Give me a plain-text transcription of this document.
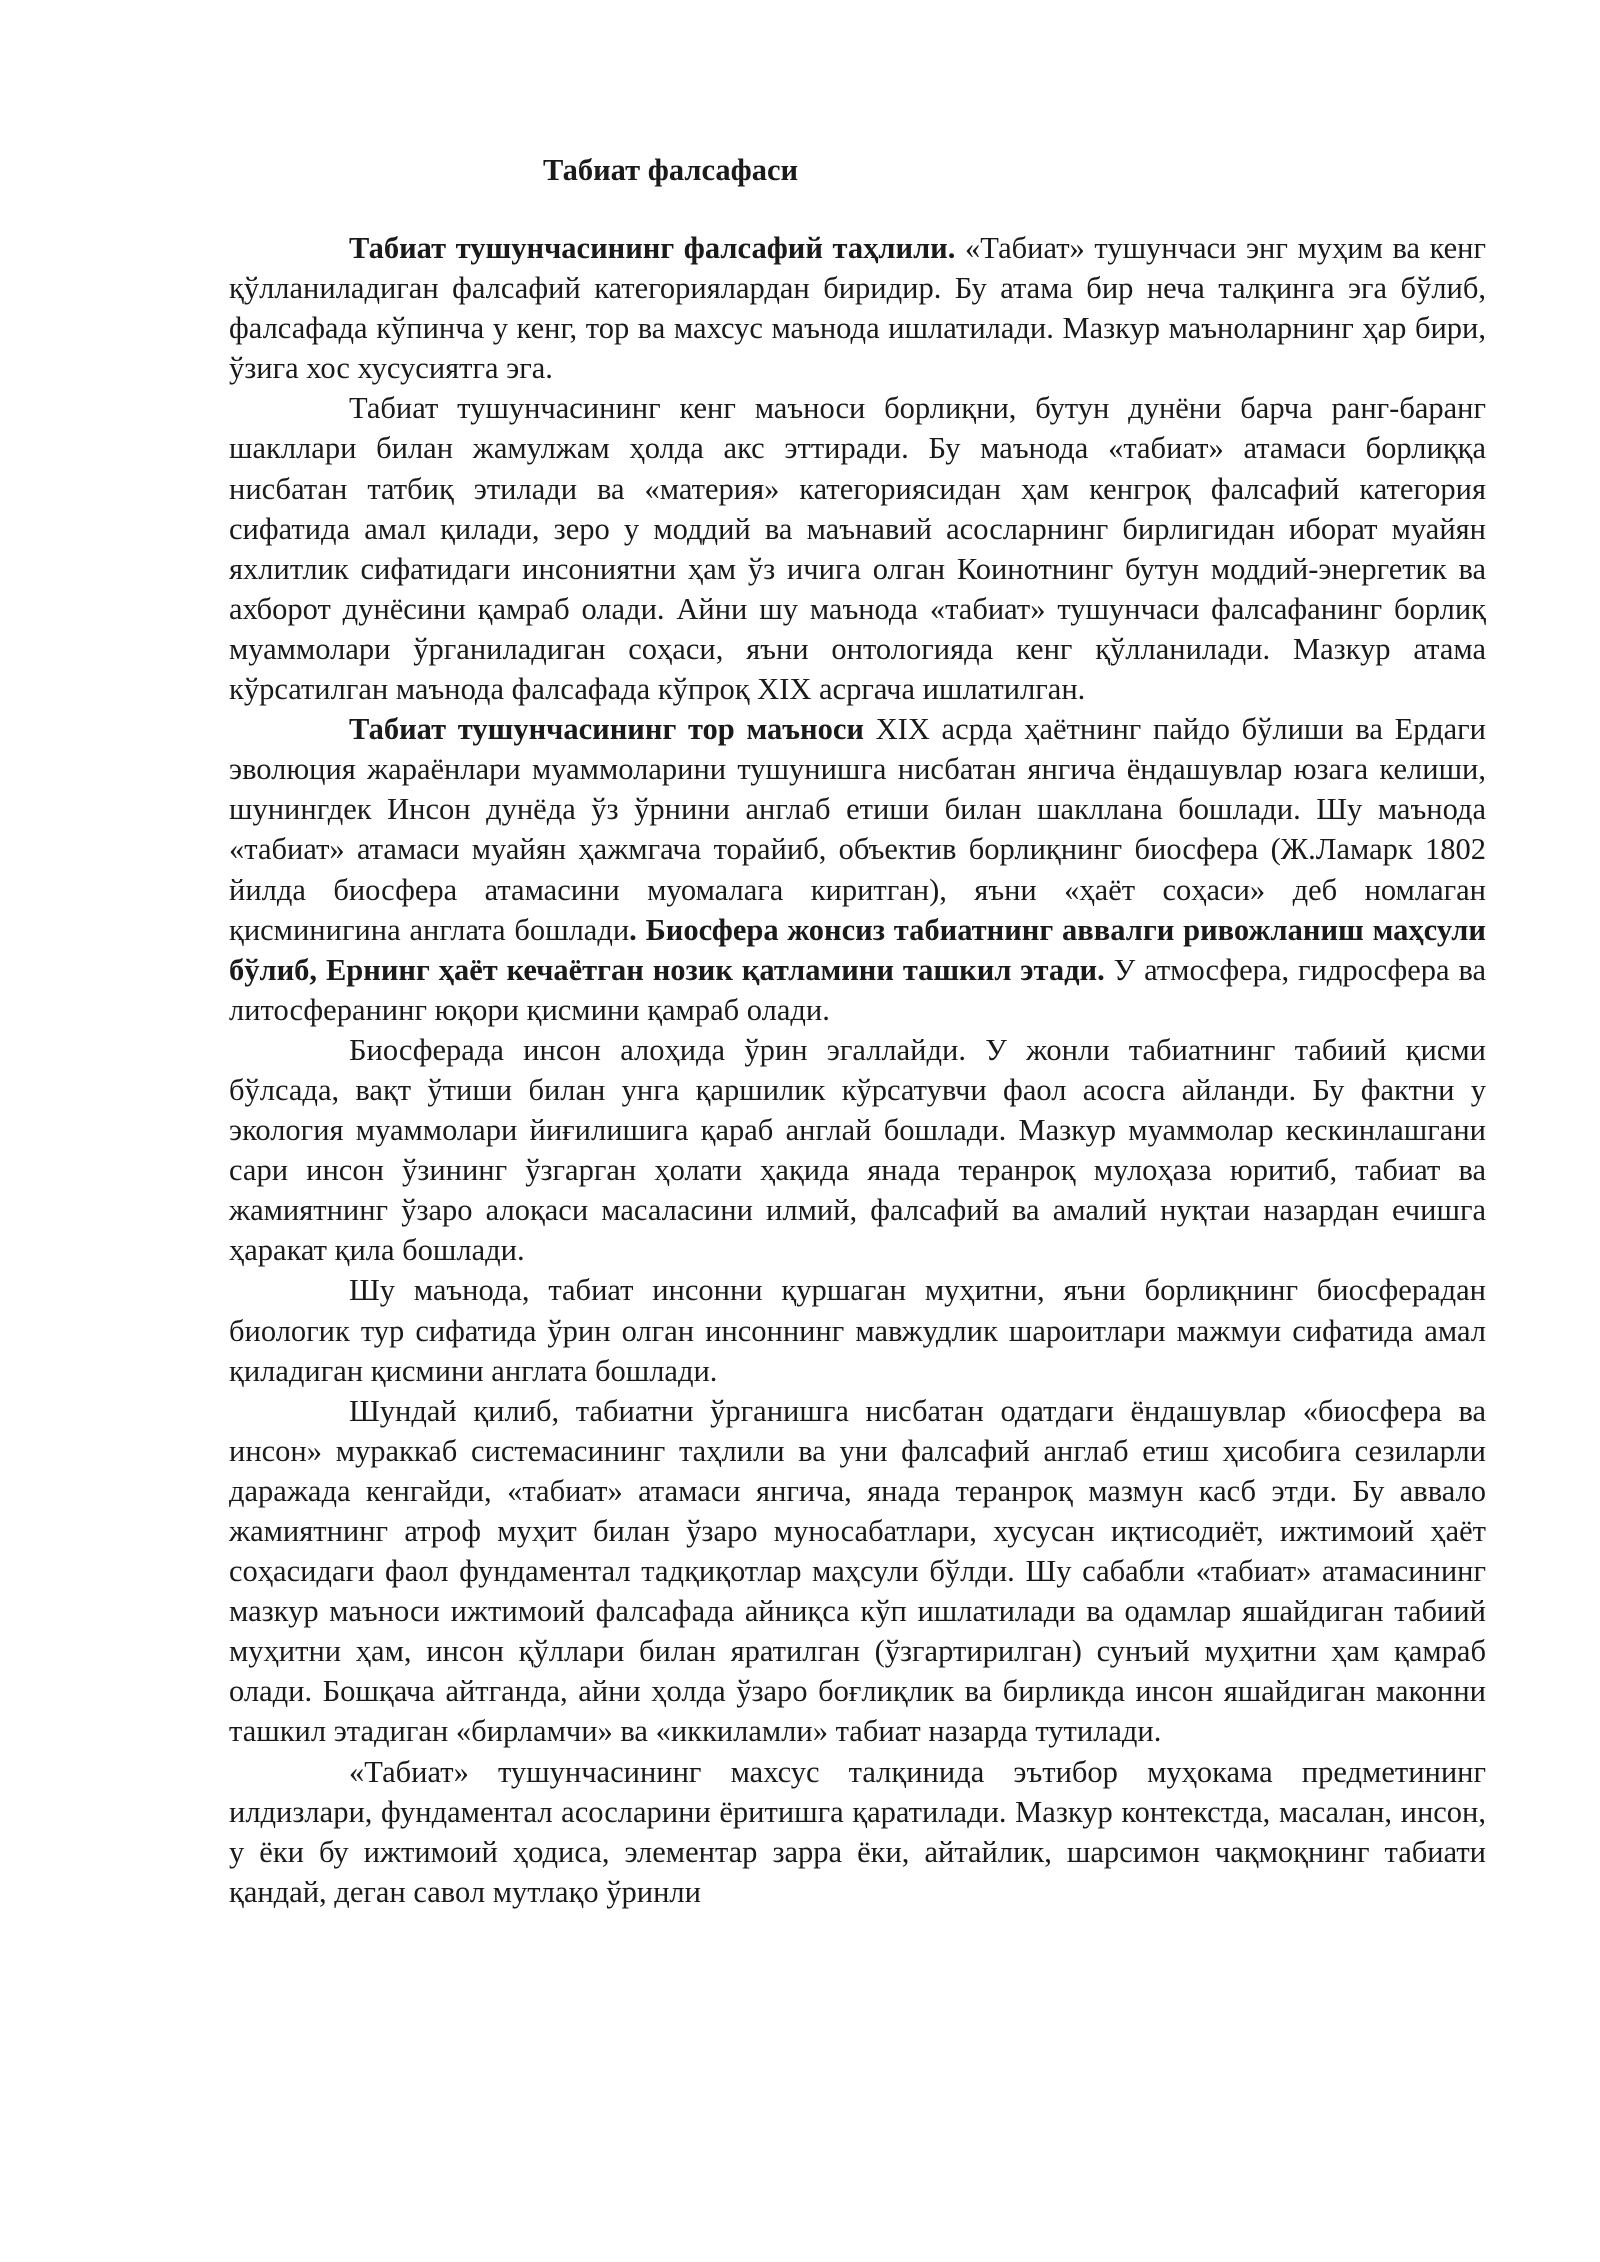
Табиат фалсафаси

Табиат тушунчасининг фалсафий таҳлили. «Табиат» тушунчаси энг муҳим ва кенг қўлланиладиган фалсафий категориялардан биридир. Бу атама бир неча талқинга эга бўлиб, фалсафада кўпинча у кенг, тор ва махсус маънода ишлатилади. Мазкур маъноларнинг ҳар бири, ўзига хос хусусиятга эга.

Табиат тушунчасининг кенг маъноси борлиқни, бутун дунёни барча ранг-баранг шакллари билан жамулжам ҳолда акс эттиради. Бу маънода «табиат» атамаси борлиққа нисбатан татбиқ этилади ва «материя» категориясидан ҳам кенгроқ фалсафий категория сифатида амал қилади, зеро у моддий ва маънавий асосларнинг бирлигидан иборат муайян яхлитлик сифатидаги инсониятни ҳам ўз ичига олган Коинотнинг бутун моддий-энергетик ва ахборот дунёсини қамраб олади. Айни шу маънода «табиат» тушунчаси фалсафанинг борлиқ муаммолари ўрганиладиган соҳаси, яъни онтологияда кенг қўлланилади. Мазкур атама кўрсатилган маънода фалсафада кўпроқ XIX асргача ишлатилган.

Табиат тушунчасининг тор маъноси XIX асрда ҳаётнинг пайдо бўлиши ва Ердаги эволюция жараёнлари муаммоларини тушунишга нисбатан янгича ёндашувлар юзага келиши, шунингдек Инсон дунёда ўз ўрнини англаб етиши билан шакллана бошлади. Шу маънода «табиат» атамаси муайян ҳажмгача торайиб, объектив борлиқнинг биосфера (Ж.Ламарк 1802 йилда биосфера атамасини муомалага киритган), яъни «ҳаёт соҳаси» деб номлаган қисминигина англата бошлади. Биосфера жонсиз табиатнинг аввалги ривожланиш маҳсули бўлиб, Ернинг ҳаёт кечаётган нозик қатламини ташкил этади. У атмосфера, гидросфера ва литосферанинг юқори қисмини қамраб олади.

Биосферада инсон алоҳида ўрин эгаллайди. У жонли табиатнинг табиий қисми бўлсада, вақт ўтиши билан унга қаршилик кўрсатувчи фаол асосга айланди. Бу фактни у экология муаммолари йиғилишига қараб англай бошлади. Мазкур муаммолар кескинлашгани сари инсон ўзининг ўзгарган ҳолати ҳақида янада теранроқ мулоҳаза юритиб, табиат ва жамиятнинг ўзаро алоқаси масаласини илмий, фалсафий ва амалий нуқтаи назардан ечишга ҳаракат қила бошлади.

Шу маънода, табиат инсонни қуршаган муҳитни, яъни борлиқнинг биосферадан биологик тур сифатида ўрин олган инсоннинг мавжудлик шароитлари мажмуи сифатида амал қиладиган қисмини англата бошлади.

Шундай қилиб, табиатни ўрганишга нисбатан одатдаги ёндашувлар «биосфера ва инсон» мураккаб системасининг таҳлили ва уни фалсафий англаб етиш ҳисобига сезиларли даражада кенгайди, «табиат» атамаси янгича, янада теранроқ мазмун касб этди. Бу аввало жамиятнинг атроф муҳит билан ўзаро муносабатлари, хусусан иқтисодиёт, ижтимоий ҳаёт соҳасидаги фаол фундаментал тадқиқотлар маҳсули бўлди. Шу сабабли «табиат» атамасининг мазкур маъноси ижтимоий фалсафада айниқса кўп ишлатилади ва одамлар яшайдиган табиий муҳитни ҳам, инсон қўллари билан яратилган (ўзгартирилган) сунъий муҳитни ҳам қамраб олади. Бошқача айтганда, айни ҳолда ўзаро боғлиқлик ва бирликда инсон яшайдиган маконни ташкил этадиган «бирламчи» ва «иккиламли» табиат назарда тутилади.

«Табиат» тушунчасининг махсус талқинида эътибор муҳокама предметининг илдизлари, фундаментал асосларини ёритишга қаратилади. Мазкур контекстда, масалан, инсон, у ёки бу ижтимоий ҳодиса, элементар зарра ёки, айтайлик, шарсимон чақмоқнинг табиати қандай, деган савол мутлақо ўринли
